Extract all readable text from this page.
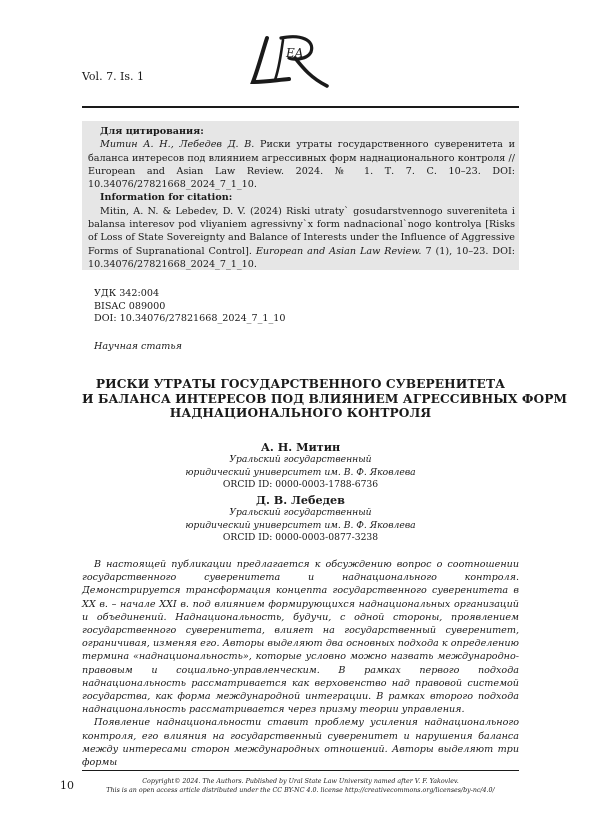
Vol. 7. Is. 1
EA

Для цитирования:

Митин А. Н., Лебедев Д. В. Риски утраты государственного суверенитета и баланса интересов под влиянием агрессивных форм наднационального контроля // European and Asian Law Review. 2024. № 1. Т. 7. С. 10–23. DOI: 10.34076/27821668_2024_7_1_10.

Information for citation:

Mitin, A. N. & Lebedev, D. V. (2024) Riski utraty` gosudarstvennogo suvereniteta i balansa interesov pod vliyaniem agressivny`x form nadnacional`nogo kontrolya [Risks of Loss of State Sovereignty and Balance of Interests under the Influence of Aggressive Forms of Supranational Control]. European and Asian Law Review. 7 (1), 10–23. DOI: 10.34076/27821668_2024_7_1_10.

УДК 342:004
BISAC 089000
DOI: 10.34076/27821668_2024_7_1_10
Научная статья
РИСКИ УТРАТЫ ГОСУДАРСТВЕННОГО СУВЕРЕНИТЕТА
И БАЛАНСА ИНТЕРЕСОВ ПОД ВЛИЯНИЕМ АГРЕССИВНЫХ ФОРМ
НАДНАЦИОНАЛЬНОГО КОНТРОЛЯ
А. Н. Митин
Уральский государственный
юридический университет им. В. Ф. Яковлева
ORCID ID: 0000-0003-1788-6736
Д. В. Лебедев
Уральский государственный
юридический университет им. В. Ф. Яковлева
ORCID ID: 0000-0003-0877-3238

В настоящей публикации предлагается к обсуждению вопрос о соотношении государственного суверенитета и наднационального контроля. Демонстрируется трансформация концепта государственного суверенитета в XX в. – начале XXI в. под влиянием формирующихся наднациональных организаций и объединений. Наднациональность, будучи, с одной стороны, проявлением государственного суверенитета, влияет на государственный суверенитет, ограничивая, изменяя его. Авторы выделяют два основных подхода к определению термина «наднациональность», которые условно можно назвать международно-правовым и социально-управленческим. В рамках первого подхода наднациональность рассматривается как верховенство над правовой системой государства, как форма международной интеграции. В рамках второго подхода наднациональность рассматривается через призму теории управления.

Появление наднациональности ставит проблему усиления наднационального контроля, его влияния на государственный суверенитет и нарушения баланса между интересами сторон международных отношений. Авторы выделяют три формы

10	Copyright© 2024. The Authors. Published by Ural State Law University named after V. F. Yakovlev.
This is an open access article distributed under the CC BY-NC 4.0. license http://creativecommons.org/licenses/by-nc/4.0/
